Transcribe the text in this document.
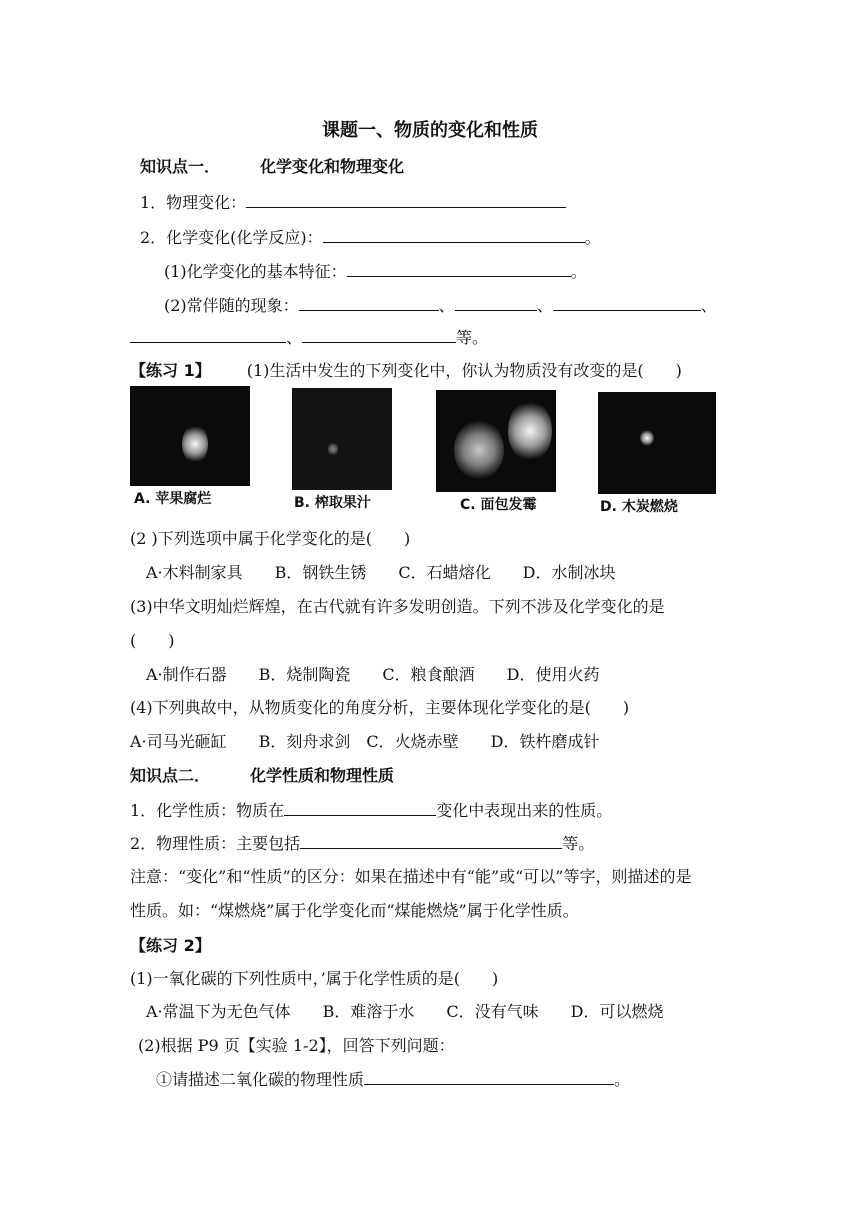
课题一、物质的变化和性质
知识点一．	化学变化和物理变化
1．物理变化：
2．化学变化(化学反应)：	。
(1)化学变化的基本特征：	。
(2)常伴随的现象：	、	、	、
、	等。
【练习 1】 (1)生活中发生的下列变化中，你认为物质没有改变的是(　　)
A. 苹果腐烂	B. 榨取果汁	C. 面包发霉	D. 木炭燃烧
(2 )下列选项中属于化学变化的是(　　)
A·木料制家具　　B．钢铁生锈　　C．石蜡熔化　　D．水制冰块
(3)中华文明灿烂辉煌，在古代就有许多发明创造。下列不涉及化学变化的是
(　　)
A·制作石器　　B．烧制陶瓷　　C．粮食酿酒　　D．使用火药
(4)下列典故中，从物质变化的角度分析，主要体现化学变化的是(　　)
A·司马光砸缸　　B．刻舟求剑　C．火烧赤壁　　D．铁杵磨成针
知识点二．	化学性质和物理性质
1．化学性质：物质在	变化中表现出来的性质。
2．物理性质：主要包括	等。
注意：“变化”和“性质”的区分：如果在描述中有“能”或“可以”等字，则描述的是
性质。如：“煤燃烧”属于化学变化而“煤能燃烧”属于化学性质。
【练习 2】
(1)一氧化碳的下列性质中，’属于化学性质的是(　　)
A·常温下为无色气体　　B．难溶于水　　C．没有气味　　D．可以燃烧
(2)根据 P9 页【实验 1-2】，回答下列问题：
①请描述二氧化碳的物理性质	。
